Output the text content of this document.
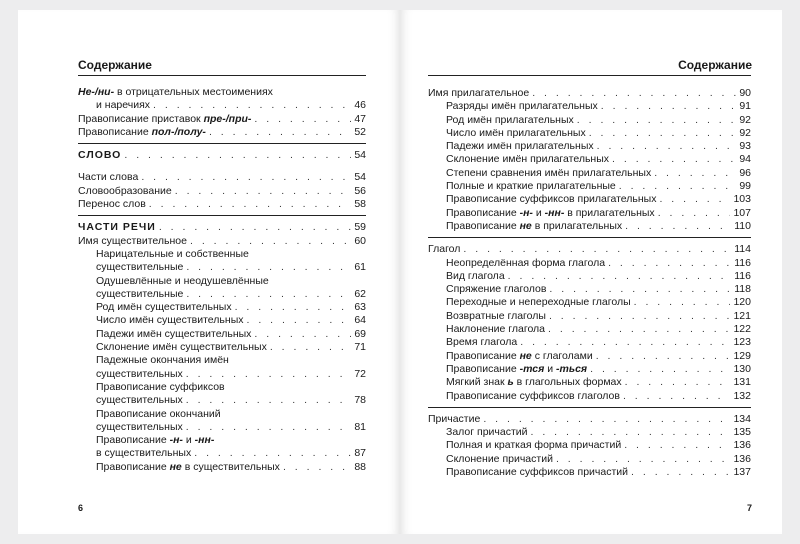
Содержание
Не-/ни- в отрицательных местоимениях
и наречиях . . .	46
Правописание приставок пре-/при- . . .	47
Правописание пол-/полу- . . .	52
СЛОВО . . .	54
Части слова . . .	54
Словообразование . . .	56
Перенос слов . . .	58
ЧАСТИ РЕЧИ . . .	59
Имя существительное . . .	60
Нарицательные и собственные
существительные . . .	61
Одушевлённые и неодушевлённые
существительные . . .	62
Род имён существительных . . .	63
Число имён существительных . . .	64
Падежи имён существительных . . .	69
Склонение имён существительных . . .	71
Падежные окончания имён
существительных . . .	72
Правописание суффиксов
существительных . . .	78
Правописание окончаний
существительных . . .	81
Правописание -н- и -нн-
в существительных . . .	87
Правописание не в существительных . . .	88
6
Содержание
Имя прилагательное . . .	90
Разряды имён прилагательных . . .	91
Род имён прилагательных . . .	92
Число имён прилагательных . . .	92
Падежи имён прилагательных . . .	93
Склонение имён прилагательных . . .	94
Степени сравнения имён прилагательных . . .	96
Полные и краткие прилагательные . . .	99
Правописание суффиксов прилагательных . . .	103
Правописание -н- и -нн- в прилагательных . . .	107
Правописание не в прилагательных . . .	110
Глагол . . .	114
Неопределённая форма глагола . . .	116
Вид глагола . . .	116
Спряжение глаголов . . .	118
Переходные и непереходные глаголы . . .	120
Возвратные глаголы . . .	121
Наклонение глагола . . .	122
Время глагола . . .	123
Правописание не с глаголами . . .	129
Правописание -тся и -ться . . .	130
Мягкий знак ь в глагольных формах . . .	131
Правописание суффиксов глаголов . . .	132
Причастие . . .	134
Залог причастий . . .	135
Полная и краткая форма причастий . . .	136
Склонение причастий . . .	136
Правописание суффиксов причастий . . .	137
7
